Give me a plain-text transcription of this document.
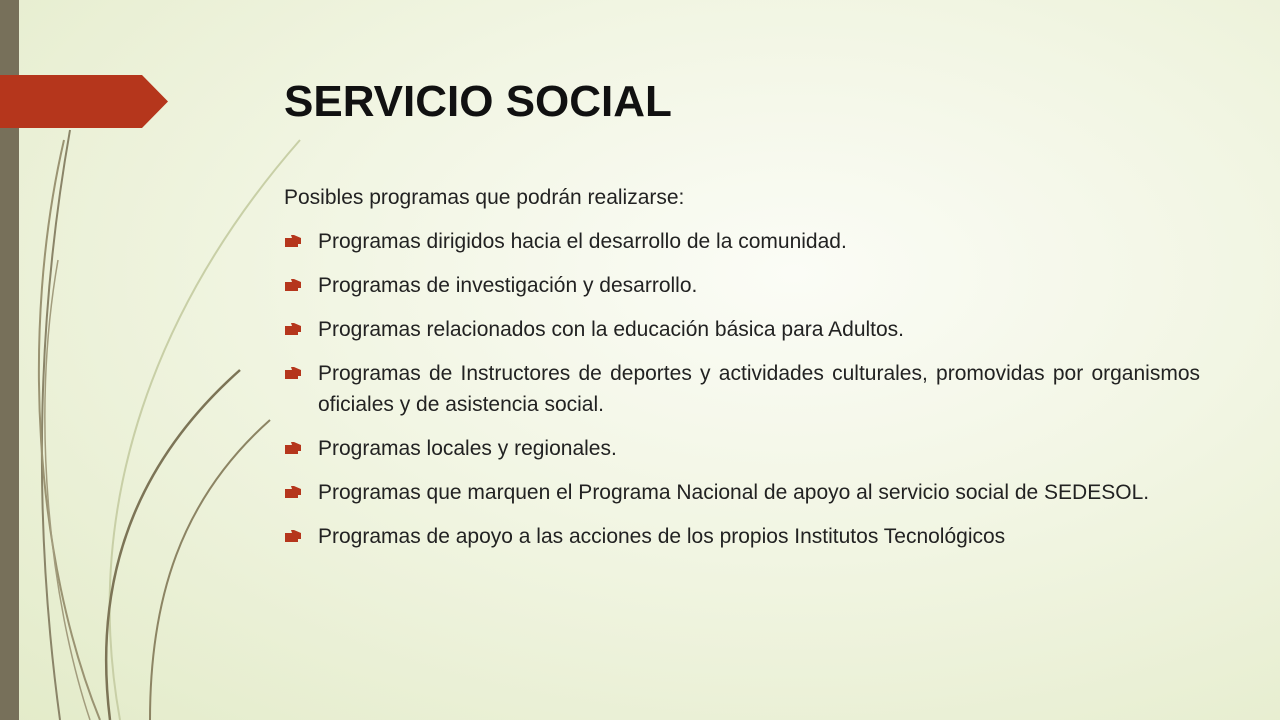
SERVICIO SOCIAL
Posibles programas que podrán realizarse:
Programas dirigidos hacia el desarrollo de la comunidad.
Programas de investigación y desarrollo.
Programas relacionados con la educación básica para Adultos.
Programas de Instructores de deportes y actividades culturales, promovidas por organismos oficiales y de asistencia social.
Programas locales y regionales.
Programas que marquen el Programa Nacional de apoyo al servicio social de SEDESOL.
Programas de apoyo a las acciones de los propios Institutos Tecnológicos
